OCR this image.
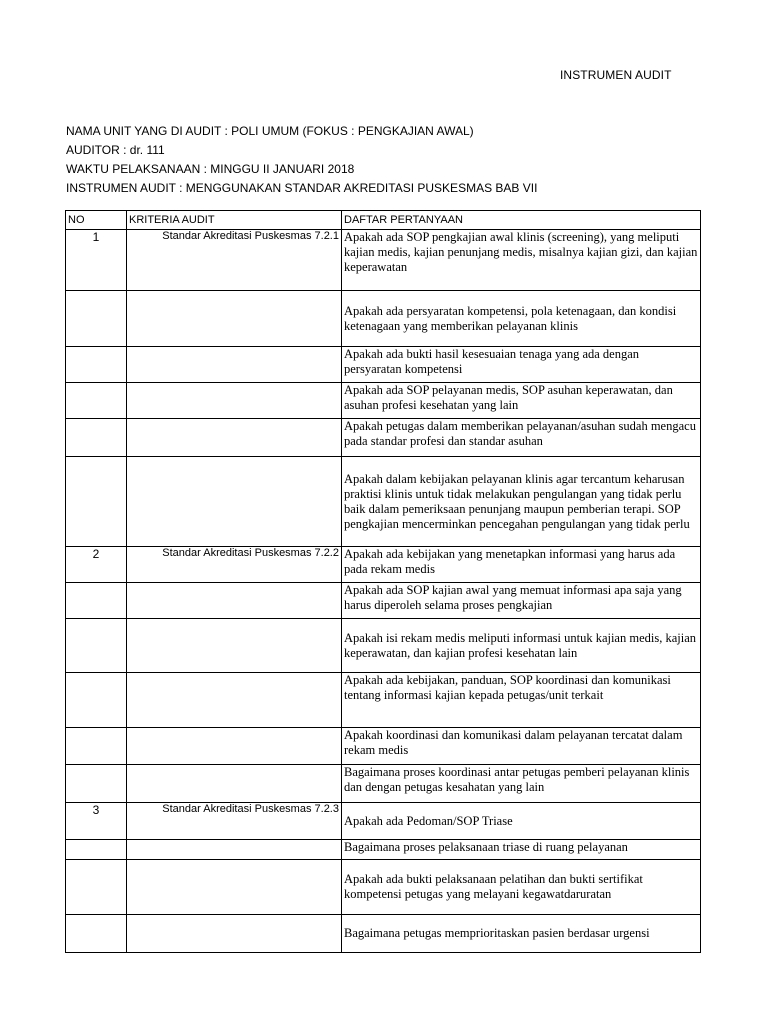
INSTRUMEN AUDIT
NAMA UNIT YANG DI AUDIT : POLI UMUM (FOKUS : PENGKAJIAN AWAL)
AUDITOR : dr. 111
WAKTU PELAKSANAAN : MINGGU II JANUARI 2018
INSTRUMEN AUDIT : MENGGUNAKAN STANDAR AKREDITASI PUSKESMAS BAB VII
NO	KRITERIA AUDIT	DAFTAR PERTANYAAN
1	Standar Akreditasi Puskesmas 7.2.1	Apakah ada SOP pengkajian awal klinis (screening), yang meliputi kajian medis, kajian penunjang medis, misalnya kajian gizi, dan kajian keperawatan
		Apakah ada persyaratan kompetensi, pola ketenagaan, dan kondisi ketenagaan yang memberikan pelayanan klinis
		Apakah ada bukti hasil kesesuaian tenaga yang ada dengan persyaratan kompetensi
		Apakah ada SOP pelayanan medis, SOP asuhan keperawatan, dan asuhan profesi kesehatan yang lain
		Apakah petugas dalam memberikan pelayanan/asuhan sudah mengacu pada standar profesi dan standar asuhan
		Apakah dalam kebijakan pelayanan klinis agar tercantum keharusan praktisi klinis untuk tidak melakukan pengulangan yang tidak perlu baik dalam pemeriksaan penunjang maupun pemberian terapi. SOP pengkajian mencerminkan pencegahan pengulangan yang tidak perlu
2	Standar Akreditasi Puskesmas 7.2.2	Apakah ada kebijakan yang menetapkan informasi yang harus ada pada rekam medis
		Apakah ada SOP kajian awal yang memuat informasi apa saja yang harus diperoleh selama proses pengkajian
		Apakah isi rekam medis meliputi informasi untuk kajian medis, kajian keperawatan, dan kajian profesi kesehatan lain
		Apakah ada kebijakan, panduan, SOP koordinasi dan komunikasi tentang informasi kajian kepada petugas/unit terkait
		Apakah koordinasi dan komunikasi dalam pelayanan tercatat dalam rekam medis
		Bagaimana proses koordinasi antar petugas pemberi pelayanan klinis dan dengan petugas kesahatan yang lain
3	Standar Akreditasi Puskesmas 7.2.3	Apakah ada Pedoman/SOP Triase
		Bagaimana proses pelaksanaan triase di ruang pelayanan
		Apakah ada bukti pelaksanaan pelatihan dan bukti sertifikat kompetensi petugas yang melayani kegawatdaruratan
		Bagaimana petugas memprioritaskan pasien berdasar urgensi
